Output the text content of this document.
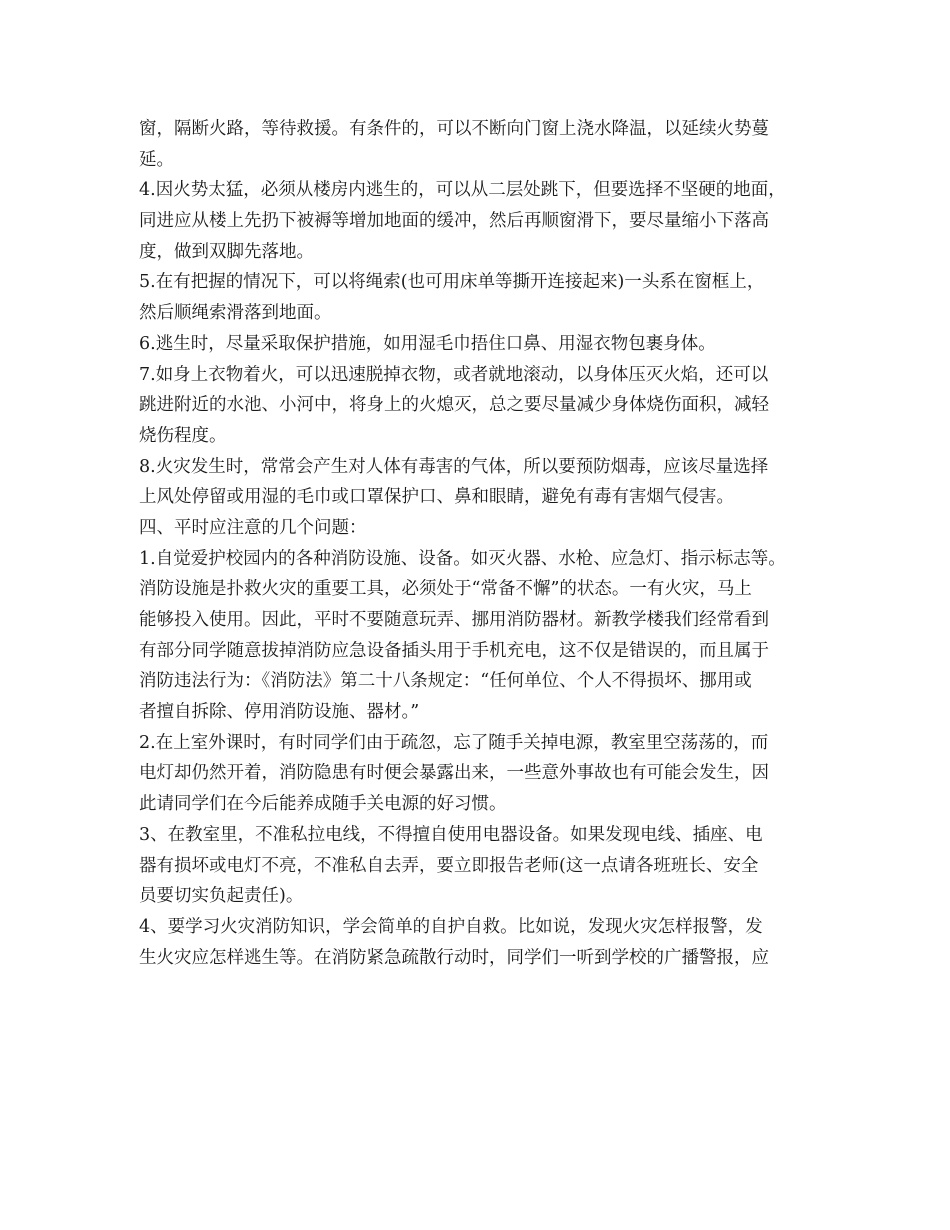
窗，隔断火路，等待救援。有条件的，可以不断向门窗上浇水降温，以延续火势蔓
延。
4.因火势太猛，必须从楼房内逃生的，可以从二层处跳下，但要选择不坚硬的地面，
同进应从楼上先扔下被褥等增加地面的缓冲，然后再顺窗滑下，要尽量缩小下落高
度，做到双脚先落地。
5.在有把握的情况下，可以将绳索(也可用床单等撕开连接起来)一头系在窗框上，
然后顺绳索滑落到地面。
6.逃生时，尽量采取保护措施，如用湿毛巾捂住口鼻、用湿衣物包裹身体。
7.如身上衣物着火，可以迅速脱掉衣物，或者就地滚动，以身体压灭火焰，还可以
跳进附近的水池、小河中，将身上的火熄灭，总之要尽量减少身体烧伤面积，减轻
烧伤程度。
8.火灾发生时，常常会产生对人体有毒害的气体，所以要预防烟毒，应该尽量选择
上风处停留或用湿的毛巾或口罩保护口、鼻和眼睛，避免有毒有害烟气侵害。
四、平时应注意的几个问题：
1.自觉爱护校园内的各种消防设施、设备。如灭火器、水枪、应急灯、指示标志等。
消防设施是扑救火灾的重要工具，必须处于“常备不懈”的状态。一有火灾，马上
能够投入使用。因此，平时不要随意玩弄、挪用消防器材。新教学楼我们经常看到
有部分同学随意拔掉消防应急设备插头用于手机充电，这不仅是错误的，而且属于
消防违法行为：《消防法》第二十八条规定：“任何单位、个人不得损坏、挪用或
者擅自拆除、停用消防设施、器材。”
2.在上室外课时，有时同学们由于疏忽，忘了随手关掉电源，教室里空荡荡的，而
电灯却仍然开着，消防隐患有时便会暴露出来，一些意外事故也有可能会发生，因
此请同学们在今后能养成随手关电源的好习惯。
3、在教室里，不准私拉电线，不得擅自使用电器设备。如果发现电线、插座、电
器有损坏或电灯不亮，不准私自去弄，要立即报告老师(这一点请各班班长、安全
员要切实负起责任)。
4、要学习火灾消防知识，学会简单的自护自救。比如说，发现火灾怎样报警，发
生火灾应怎样逃生等。在消防紧急疏散行动时，同学们一听到学校的广播警报，应
